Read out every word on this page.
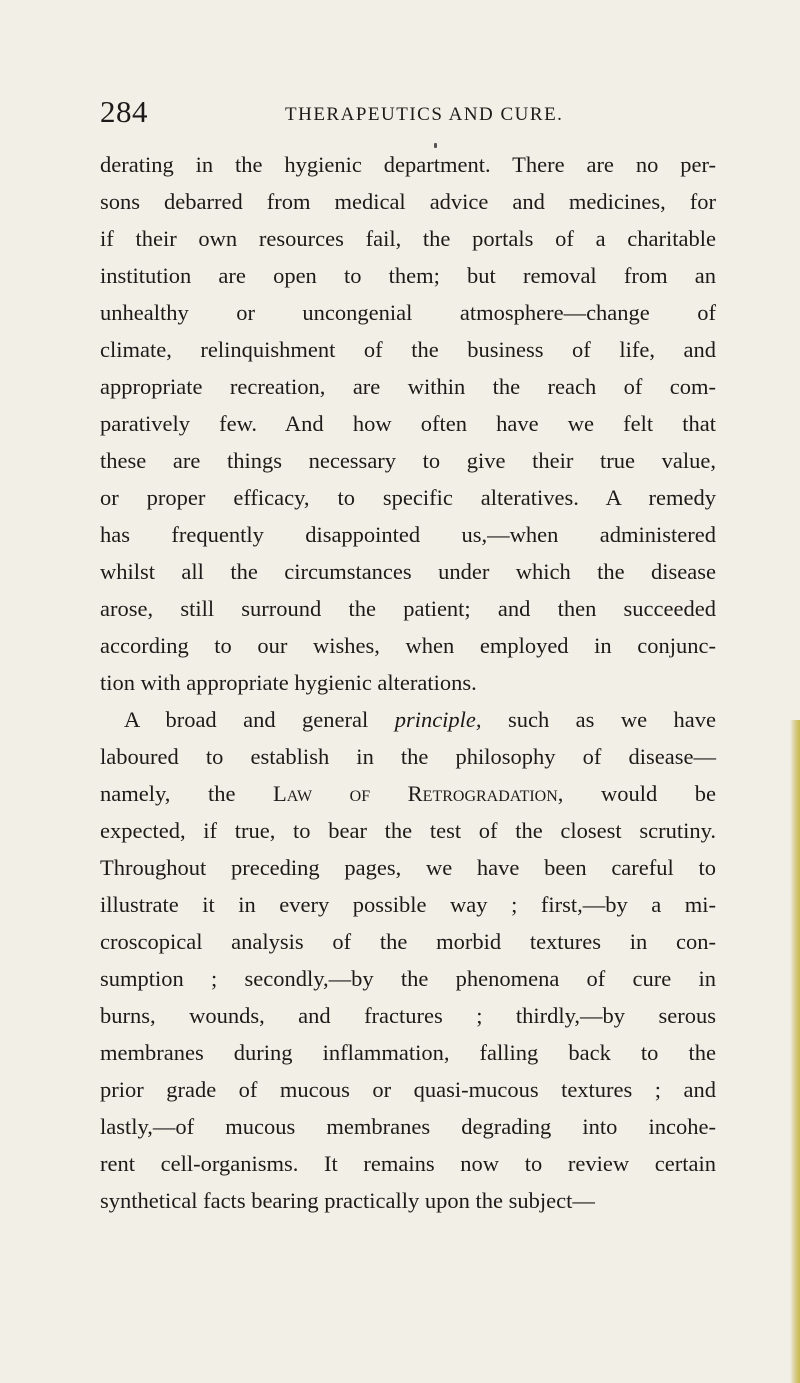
284	THERAPEUTICS AND CURE.
derating in the hygienic department. There are no per-
sons debarred from medical advice and medicines, for
if their own resources fail, the portals of a charitable
institution are open to them; but removal from an
unhealthy or uncongenial atmosphere—change of
climate, relinquishment of the business of life, and
appropriate recreation, are within the reach of com-
paratively few. And how often have we felt that
these are things necessary to give their true value,
or proper efficacy, to specific alteratives. A remedy
has frequently disappointed us,—when administered
whilst all the circumstances under which the disease
arose, still surround the patient; and then succeeded
according to our wishes, when employed in conjunc-
tion with appropriate hygienic alterations.
A broad and general principle, such as we have
laboured to establish in the philosophy of disease—
namely, the Law of Retrogradation, would be
expected, if true, to bear the test of the closest scrutiny.
Throughout preceding pages, we have been careful to
illustrate it in every possible way ; first,—by a mi-
croscopical analysis of the morbid textures in con-
sumption ; secondly,—by the phenomena of cure in
burns, wounds, and fractures ; thirdly,—by serous
membranes during inflammation, falling back to the
prior grade of mucous or quasi-mucous textures ; and
lastly,—of mucous membranes degrading into incohe-
rent cell-organisms. It remains now to review certain
synthetical facts bearing practically upon the subject—
